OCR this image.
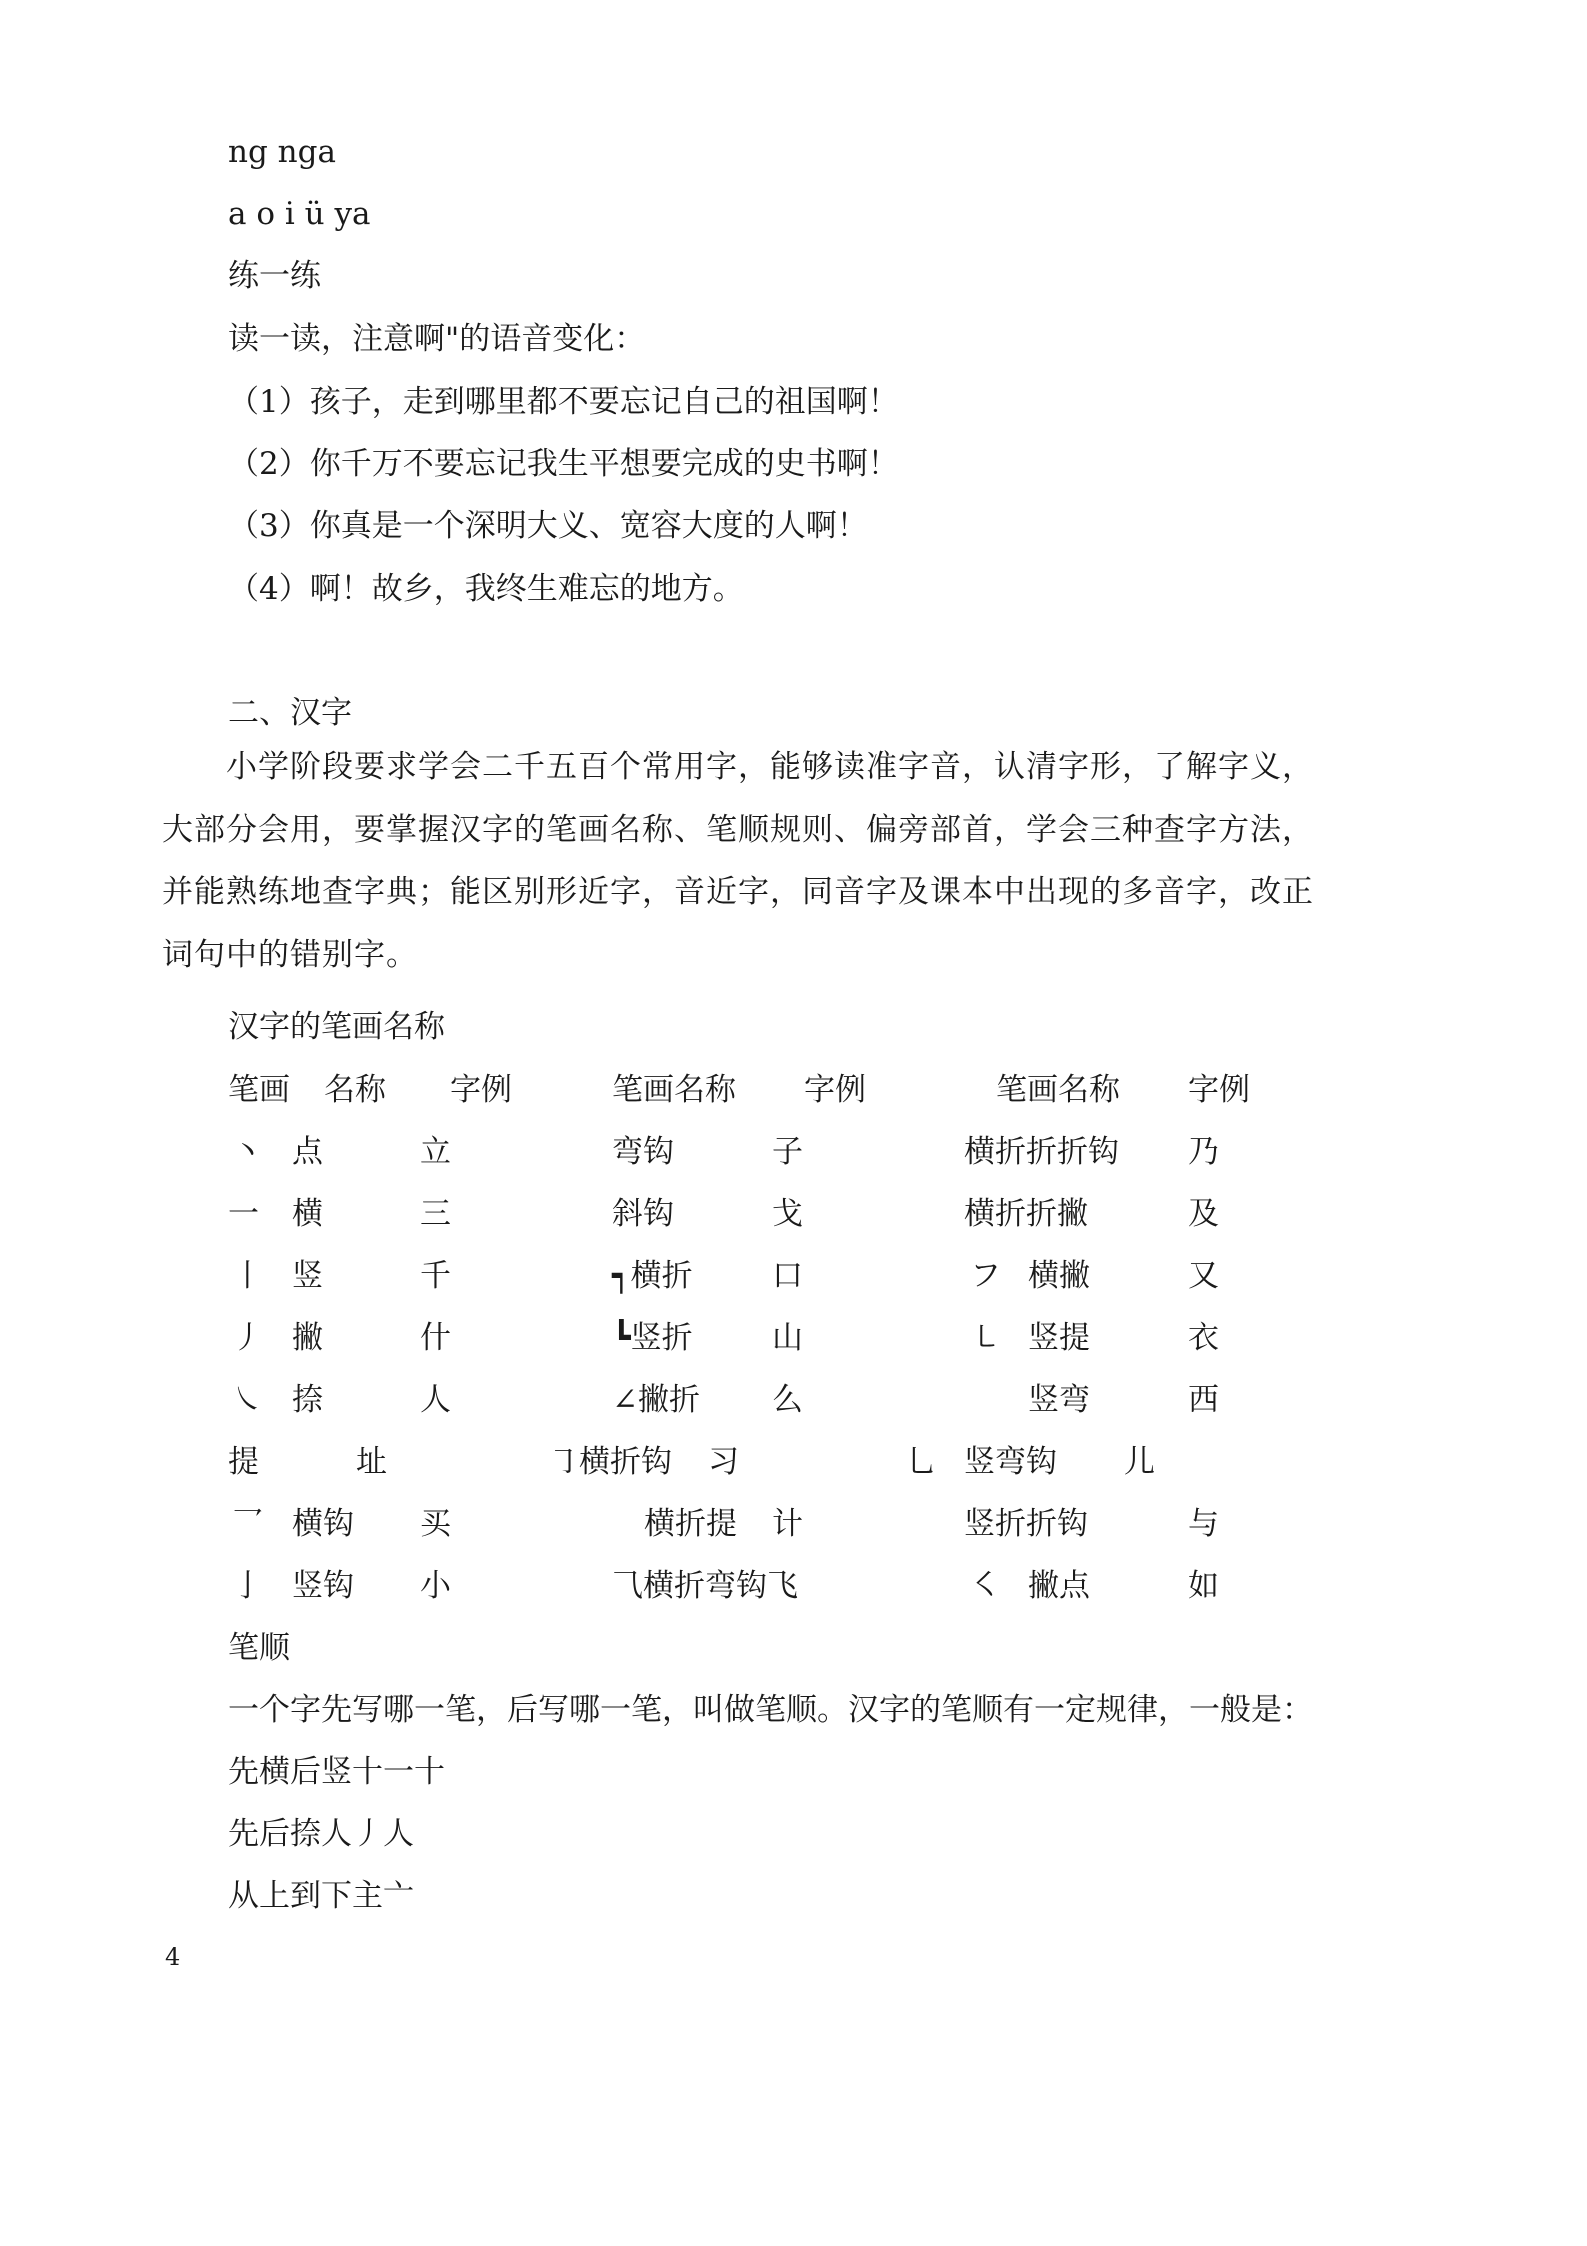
ng nga
a o i ü ya
练一练
读一读，注意啊"的语音变化：
（1）孩子，走到哪里都不要忘记自己的祖国啊！
（2）你千万不要忘记我生平想要完成的史书啊！
（3）你真是一个深明大义、宽容大度的人啊！
（4）啊！故乡，我终生难忘的地方。
二、汉字
小学阶段要求学会二千五百个常用字，能够读准字音，认清字形，了解字义，大部分会用，要掌握汉字的笔画名称、笔顺规则、偏旁部首，学会三种查字方法，并能熟练地查字典；能区别形近字，音近字，同音字及课本中出现的多音字，改正词句中的错别字。
汉字的笔画名称
笔画 名称 字例	笔画名称 字例	笔画名称 字例
丶 点	立	弯钩	子	横折折折钩 乃
一 横	三	斜钩	戈	横折折撇	及
丨 竖	千	┑横折	口	フ 横撇	又
丿 撇	什	┗竖折	山	㇄ 竖提	衣
㇏ 捺	人	∠撇折 么	竖弯	西
提	址	㇆横折钩 习	乚 竖弯钩 儿
乛 横钩 买	横折提 计	竖折折钩	与
亅 竖钩 小	⺄横折弯钩飞	㇛ 撇点	如
笔顺
一个字先写哪一笔，后写哪一笔，叫做笔顺。汉字的笔顺有一定规律，一般是：
先横后竖十一十
先后捺人丿人
从上到下主亠
4
